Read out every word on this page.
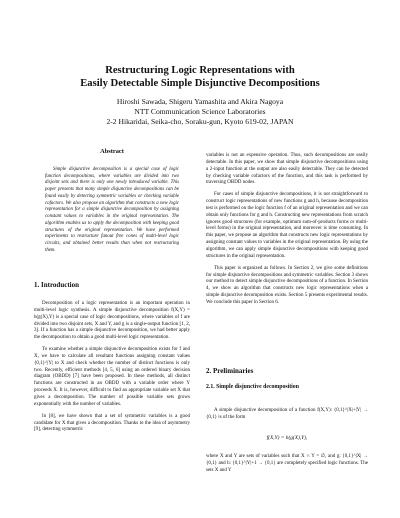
Restructuring Logic Representations with
Easily Detectable Simple Disjunctive Decompositions
Hiroshi Sawada, Shigeru Yamashita and Akira Nagoya
NTT Communication Science Laboratories
2-2 Hikaridai, Seika-cho, Soraku-gun, Kyoto 619-02, JAPAN
Abstract

Simple disjunctive decomposition is a special case of logic function decompositions, where variables are divided into two disjoint sets and there is only one newly introduced variable. This paper presents that many simple disjunctive decompositions can be found easily by detecting symmetric variables or checking variable cofactors. We also propose an algorithm that constructs a new logic representation for a simple disjunctive decomposition by assigning constant values to variables in the original representation. The algorithm enables us to apply the decomposition with keeping good structures of the original representation. We have performed experiments to restructure fanout free cones of multi-level logic circuits, and obtained better results than when not restructuring them.

1. Introduction

Decomposition of a logic representation is an important operation in multi-level logic synthesis. A simple disjunctive decomposition f(X,Y) = h(g(X),Y) is a special case of logic decompositions, where variables of f are divided into two disjoint sets, X and Y, and g is a single-output function [1, 2, 3]. If a function has a simple disjunctive decomposition, we had better apply the decomposition to obtain a good multi-level logic representation.

To examine whether a simple disjunctive decomposition exists for f and X, we have to calculate all resultant functions assigning constant values {0,1}^|Y| to X and check whether the number of distinct functions is only two. Recently, efficient methods [4, 5, 6] using an ordered binary decision diagram (OBDD) [7] have been proposed. In these methods, all distinct functions are constructed in an OBDD with a variable order where Y proceeds X. It is, however, difficult to find an appropriate variable set X that gives a decomposition. The number of possible variable sets grows exponentially with the number of variables.

In [8], we have shown that a set of symmetric variables is a good candidate for X that gives a decomposition. Thanks to the idea of asymmetry [9], detecting symmetric

variables is not an expensive operation. Thus, such decompositions are easily detectable. In this paper, we show that simple disjunctive decompositions using a 2-input function at the output are also easily detectable. They can be detected by checking variable cofactors of the function, and this task is performed by traversing OBDD nodes.

For cases of simple disjunctive decompositions, it is not straightforward to construct logic representations of new functions g and h, because decomposition test is performed on the logic function f of an original representation and we can obtain only functions for g and h. Constructing new representations from scratch ignores good structures (for example, optimum sum-of-products forms or multi-level forms) in the original representation, and moreover is time consuming. In this paper, we propose an algorithm that constructs new logic representations by assigning constant values to variables in the original representation. By using the algorithm, we can apply simple disjunctive decompositions with keeping good structures in the original representation.

This paper is organized as follows. In Section 2, we give some definitions for simple disjunctive decompositions and symmetric variables. Section 3 shows our method to detect simple disjunctive decompositions of a function. In Section 4, we show an algorithm that constructs new logic representations when a simple disjunctive decomposition exists. Section 5 presents experimental results. We conclude this paper in Section 6.

2. Preliminaries
2.1. Simple disjunctive decomposition

A simple disjunctive decomposition of a function f(X,Y): {0,1}^|X|+|Y| → {0,1} is of the form

f(X,Y) = h(g(X),Y),

where X and Y are sets of variables such that X ∩ Y = ∅, and g: {0,1}^|X| → {0,1} and h: {0,1}^|Y|+1 → {0,1} are completely specified logic functions. The sets X and Y
